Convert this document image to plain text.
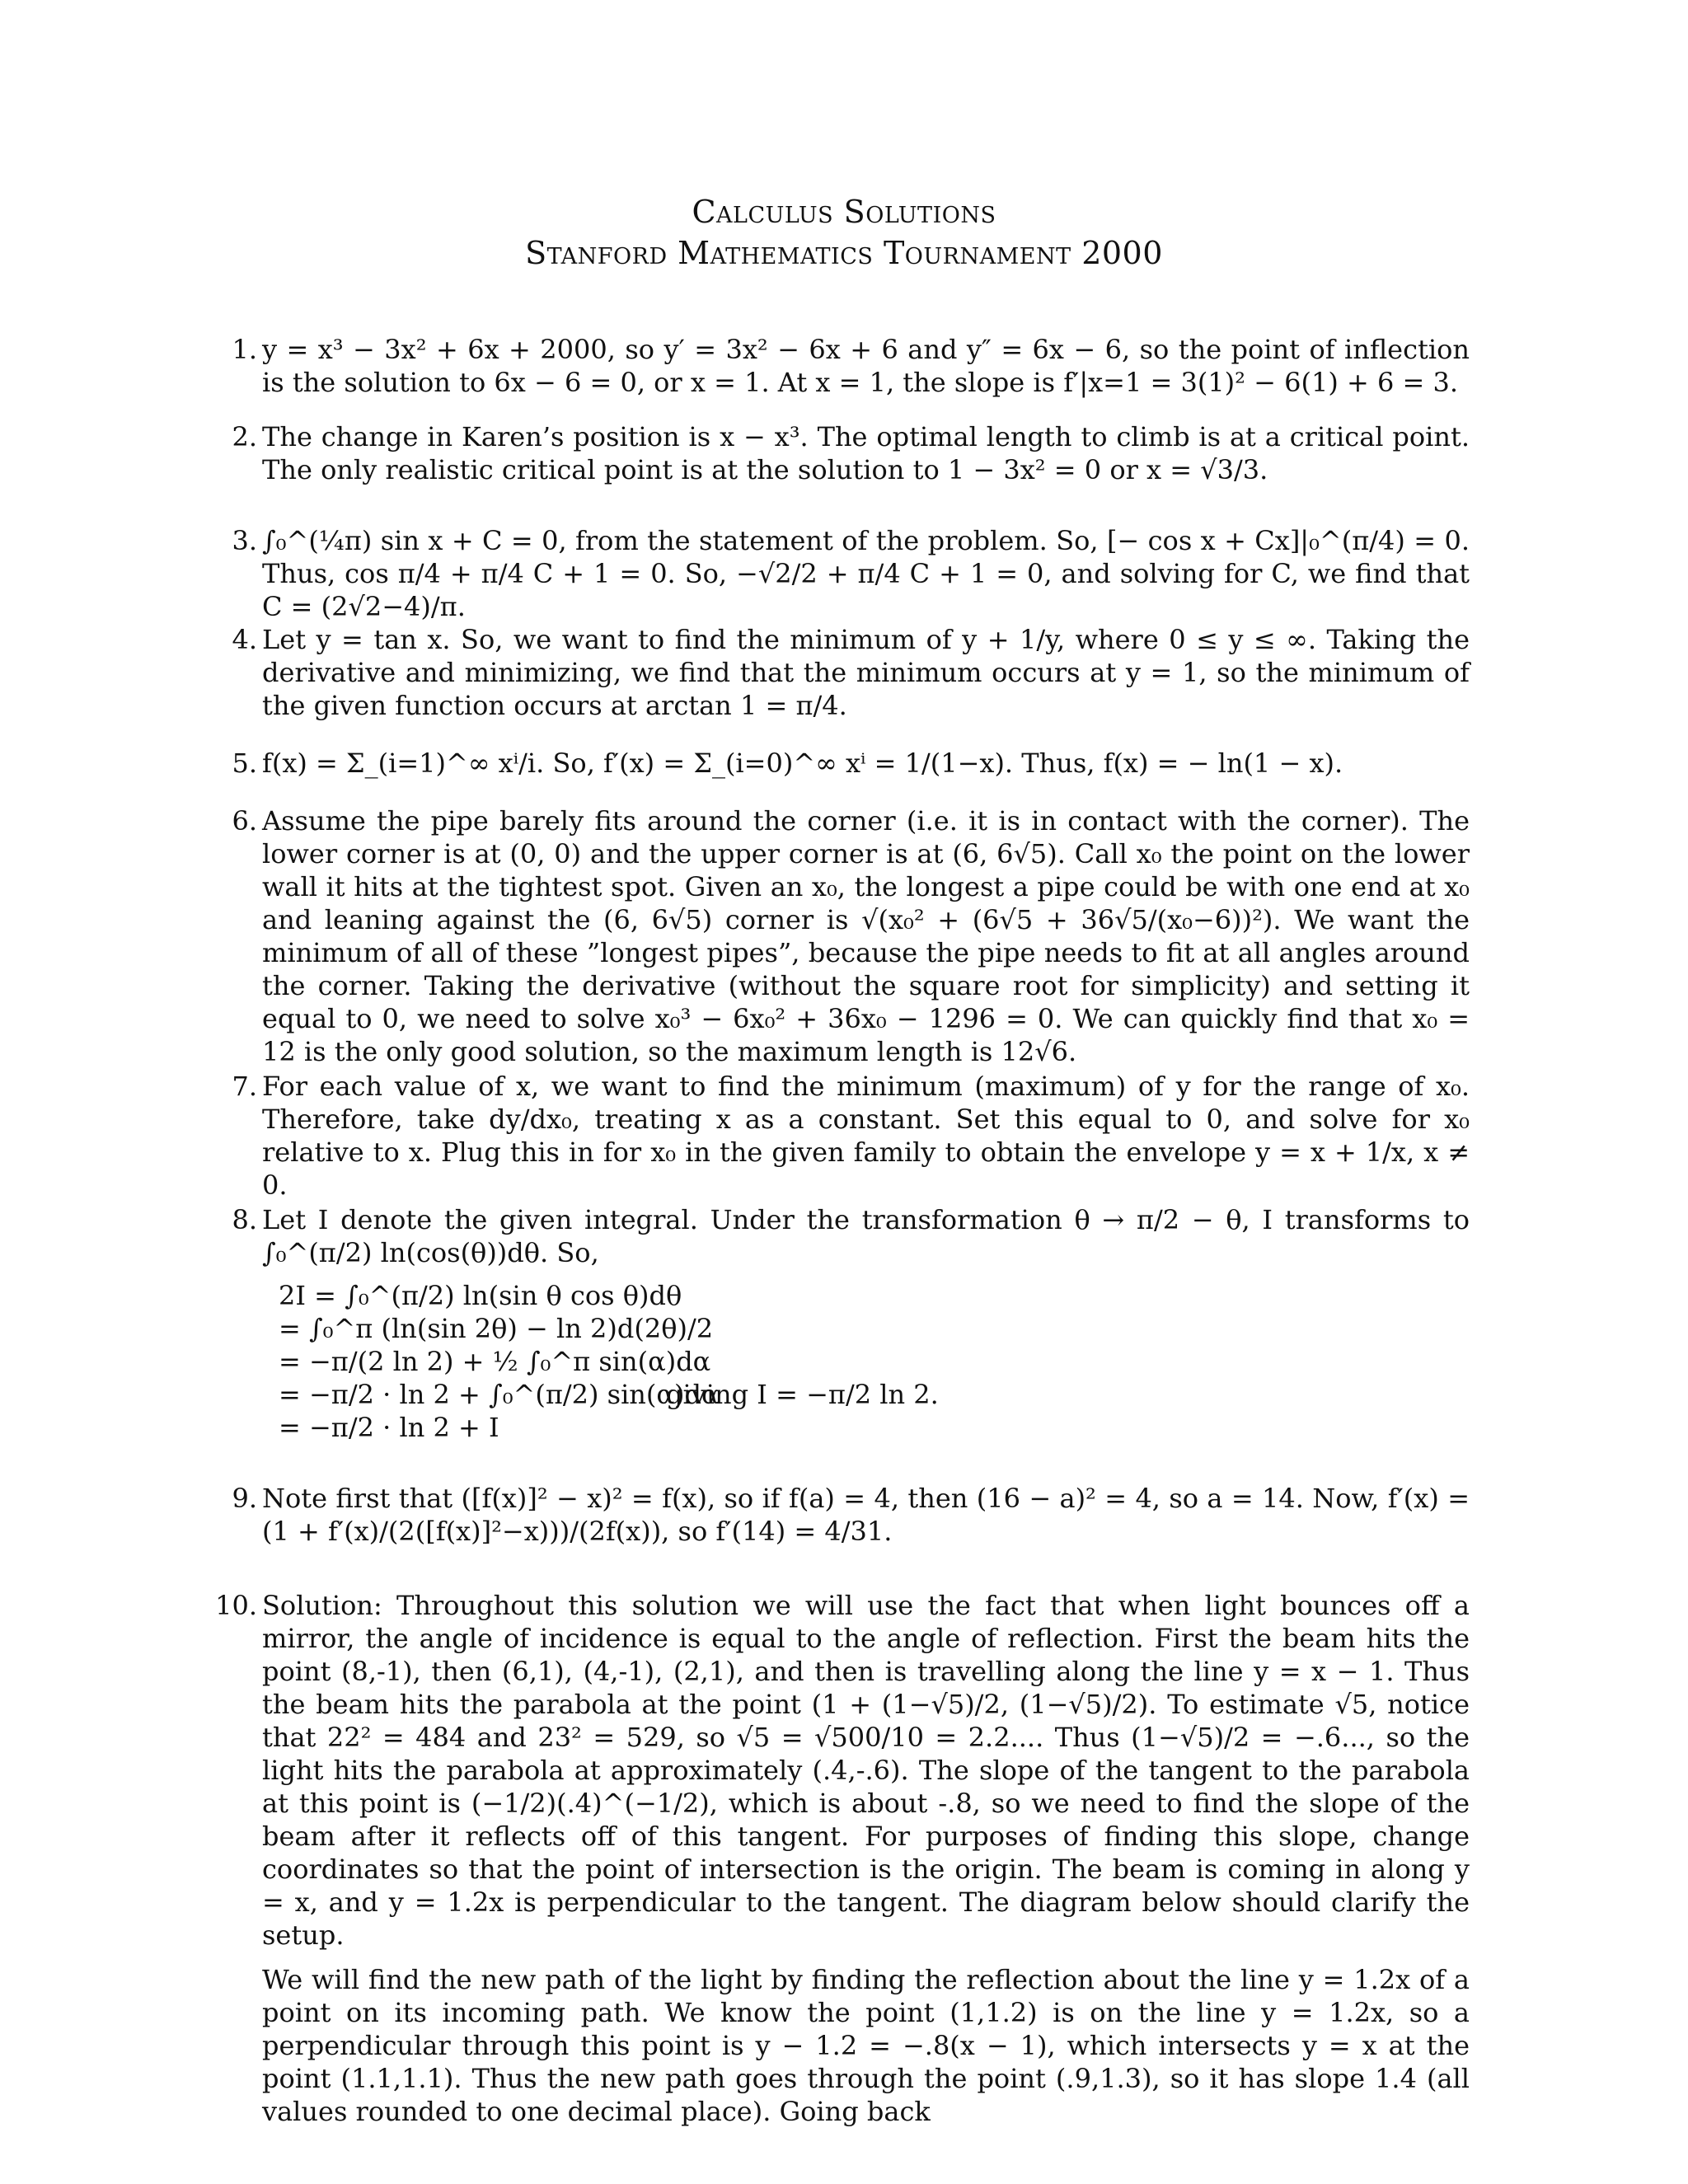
Calculus Solutions
Stanford Mathematics Tournament 2000
1. y = x³ − 3x² + 6x + 2000, so y′ = 3x² − 6x + 6 and y″ = 6x − 6, so the point of inflection is the solution to 6x − 6 = 0, or x = 1. At x = 1, the slope is f′|x=1 = 3(1)² − 6(1) + 6 = 3.

2. The change in Karen’s position is x − x³. The optimal length to climb is at a critical point. The only realistic critical point is at the solution to 1 − 3x² = 0 or x = √3/3.

3. ∫₀^(¼π) sin x + C = 0, from the statement of the problem. So, [− cos x + Cx]|₀^(π/4) = 0. Thus, cos π/4 + π/4 C + 1 = 0. So, −√2/2 + π/4 C + 1 = 0, and solving for C, we find that C = (2√2−4)/π.

4. Let y = tan x. So, we want to find the minimum of y + 1/y, where 0 ≤ y ≤ ∞. Taking the derivative and minimizing, we find that the minimum occurs at y = 1, so the minimum of the given function occurs at arctan 1 = π/4.

5. f(x) = Σ_(i=1)^∞ xⁱ/i. So, f′(x) = Σ_(i=0)^∞ xⁱ = 1/(1−x). Thus, f(x) = − ln(1 − x).

6. Assume the pipe barely fits around the corner (i.e. it is in contact with the corner). The lower corner is at (0, 0) and the upper corner is at (6, 6√5). Call x₀ the point on the lower wall it hits at the tightest spot. Given an x₀, the longest a pipe could be with one end at x₀ and leaning against the (6, 6√5) corner is √(x₀² + (6√5 + 36√5/(x₀−6))²). We want the minimum of all of these ”longest pipes”, because the pipe needs to fit at all angles around the corner. Taking the derivative (without the square root for simplicity) and setting it equal to 0, we need to solve x₀³ − 6x₀² + 36x₀ − 1296 = 0. We can quickly find that x₀ = 12 is the only good solution, so the maximum length is 12√6.

7. For each value of x, we want to find the minimum (maximum) of y for the range of x₀. Therefore, take dy/dx₀, treating x as a constant. Set this equal to 0, and solve for x₀ relative to x. Plug this in for x₀ in the given family to obtain the envelope y = x + 1/x, x ≠ 0.

8. Let I denote the given integral. Under the transformation θ → π/2 − θ, I transforms to ∫₀^(π/2) ln(cos(θ))dθ. So,

2I = ∫₀^(π/2) ln(sin θ cos θ)dθ
= ∫₀^π (ln(sin 2θ) − ln 2)d(2θ)/2
= −π/(2 ln 2) + ½ ∫₀^π sin(α)dα
= −π/2 · ln 2 + ∫₀^(π/2) sin(α)dα
= −π/2 · ln 2 + I
giving I = −π/2 ln 2.
9. Note first that ([f(x)]² − x)² = f(x), so if f(a) = 4, then (16 − a)² = 4, so a = 14. Now, f′(x) = (1 + f′(x)/(2([f(x)]²−x)))/(2f(x)), so f′(14) = 4/31.

10. Solution: Throughout this solution we will use the fact that when light bounces off a mirror, the angle of incidence is equal to the angle of reflection. First the beam hits the point (8,-1), then (6,1), (4,-1), (2,1), and then is travelling along the line y = x − 1. Thus the beam hits the parabola at the point (1 + (1−√5)/2, (1−√5)/2). To estimate √5, notice that 22² = 484 and 23² = 529, so √5 = √500/10 = 2.2.... Thus (1−√5)/2 = −.6..., so the light hits the parabola at approximately (.4,-.6). The slope of the tangent to the parabola at this point is (−1/2)(.4)^(−1/2), which is about -.8, so we need to find the slope of the beam after it reflects off of this tangent. For purposes of finding this slope, change coordinates so that the point of intersection is the origin. The beam is coming in along y = x, and y = 1.2x is perpendicular to the tangent. The diagram below should clarify the setup.

We will find the new path of the light by finding the reflection about the line y = 1.2x of a point on its incoming path. We know the point (1,1.2) is on the line y = 1.2x, so a perpendicular through this point is y − 1.2 = −.8(x − 1), which intersects y = x at the point (1.1,1.1). Thus the new path goes through the point (.9,1.3), so it has slope 1.4 (all values rounded to one decimal place). Going back
